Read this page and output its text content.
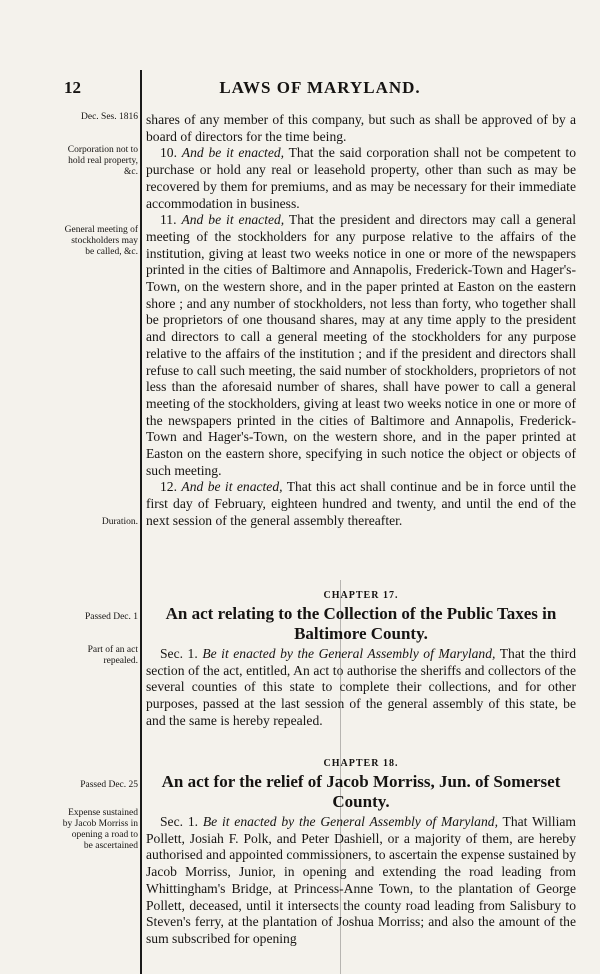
12	LAWS OF MARYLAND.
Dec. Ses. 1816
Corporation not to hold real property, &c.
General meeting of stockholders may be called, &c.
Duration.
Passed Dec. 1
Part of an act repealed.
Passed Dec. 25
Expense sustained by Jacob Morriss in opening a road to be ascertained

shares of any member of this company, but such as shall be approved of by a board of directors for the time being.

10. And be it enacted, That the said corporation shall not be competent to purchase or hold any real or leasehold property, other than such as may be recovered by them for premiums, and as may be necessary for their immediate accommodation in business.

11. And be it enacted, That the president and directors may call a general meeting of the stockholders for any purpose relative to the affairs of the institution, giving at least two weeks notice in one or more of the newspapers printed in the cities of Baltimore and Annapolis, Frederick-Town and Hager's-Town, on the western shore, and in the paper printed at Easton on the eastern shore ; and any number of stockholders, not less than forty, who together shall be proprietors of one thousand shares, may at any time apply to the president and directors to call a general meeting of the stockholders for any purpose relative to the affairs of the institution ; and if the president and directors shall refuse to call such meeting, the said number of stockholders, proprietors of not less than the aforesaid number of shares, shall have power to call a general meeting of the stockholders, giving at least two weeks notice in one or more of the newspapers printed in the cities of Baltimore and Annapolis, Frederick-Town and Hager's-Town, on the western shore, and in the paper printed at Easton on the eastern shore, specifying in such notice the object or objects of such meeting.

12. And be it enacted, That this act shall continue and be in force until the first day of February, eighteen hundred and twenty, and until the end of the next session of the general assembly thereafter.

CHAPTER 17.
An act relating to the Collection of the Public Taxes in Baltimore County.

Sec. 1. Be it enacted by the General Assembly of Maryland, That the third section of the act, entitled, An act to authorise the sheriffs and collectors of the several counties of this state to complete their collections, and for other purposes, passed at the last session of the general assembly of this state, be and the same is hereby repealed.

CHAPTER 18.
An act for the relief of Jacob Morriss, Jun. of Somerset County.

Sec. 1. Be it enacted by the General Assembly of Maryland, That William Pollett, Josiah F. Polk, and Peter Dashiell, or a majority of them, are hereby authorised and appointed commissioners, to ascertain the expense sustained by Jacob Morriss, Junior, in opening and extending the road leading from Whittingham's Bridge, at Princess-Anne Town, to the plantation of George Pollett, deceased, until it intersects the county road leading from Salisbury to Steven's ferry, at the plantation of Joshua Morriss; and also the amount of the sum subscribed for opening
